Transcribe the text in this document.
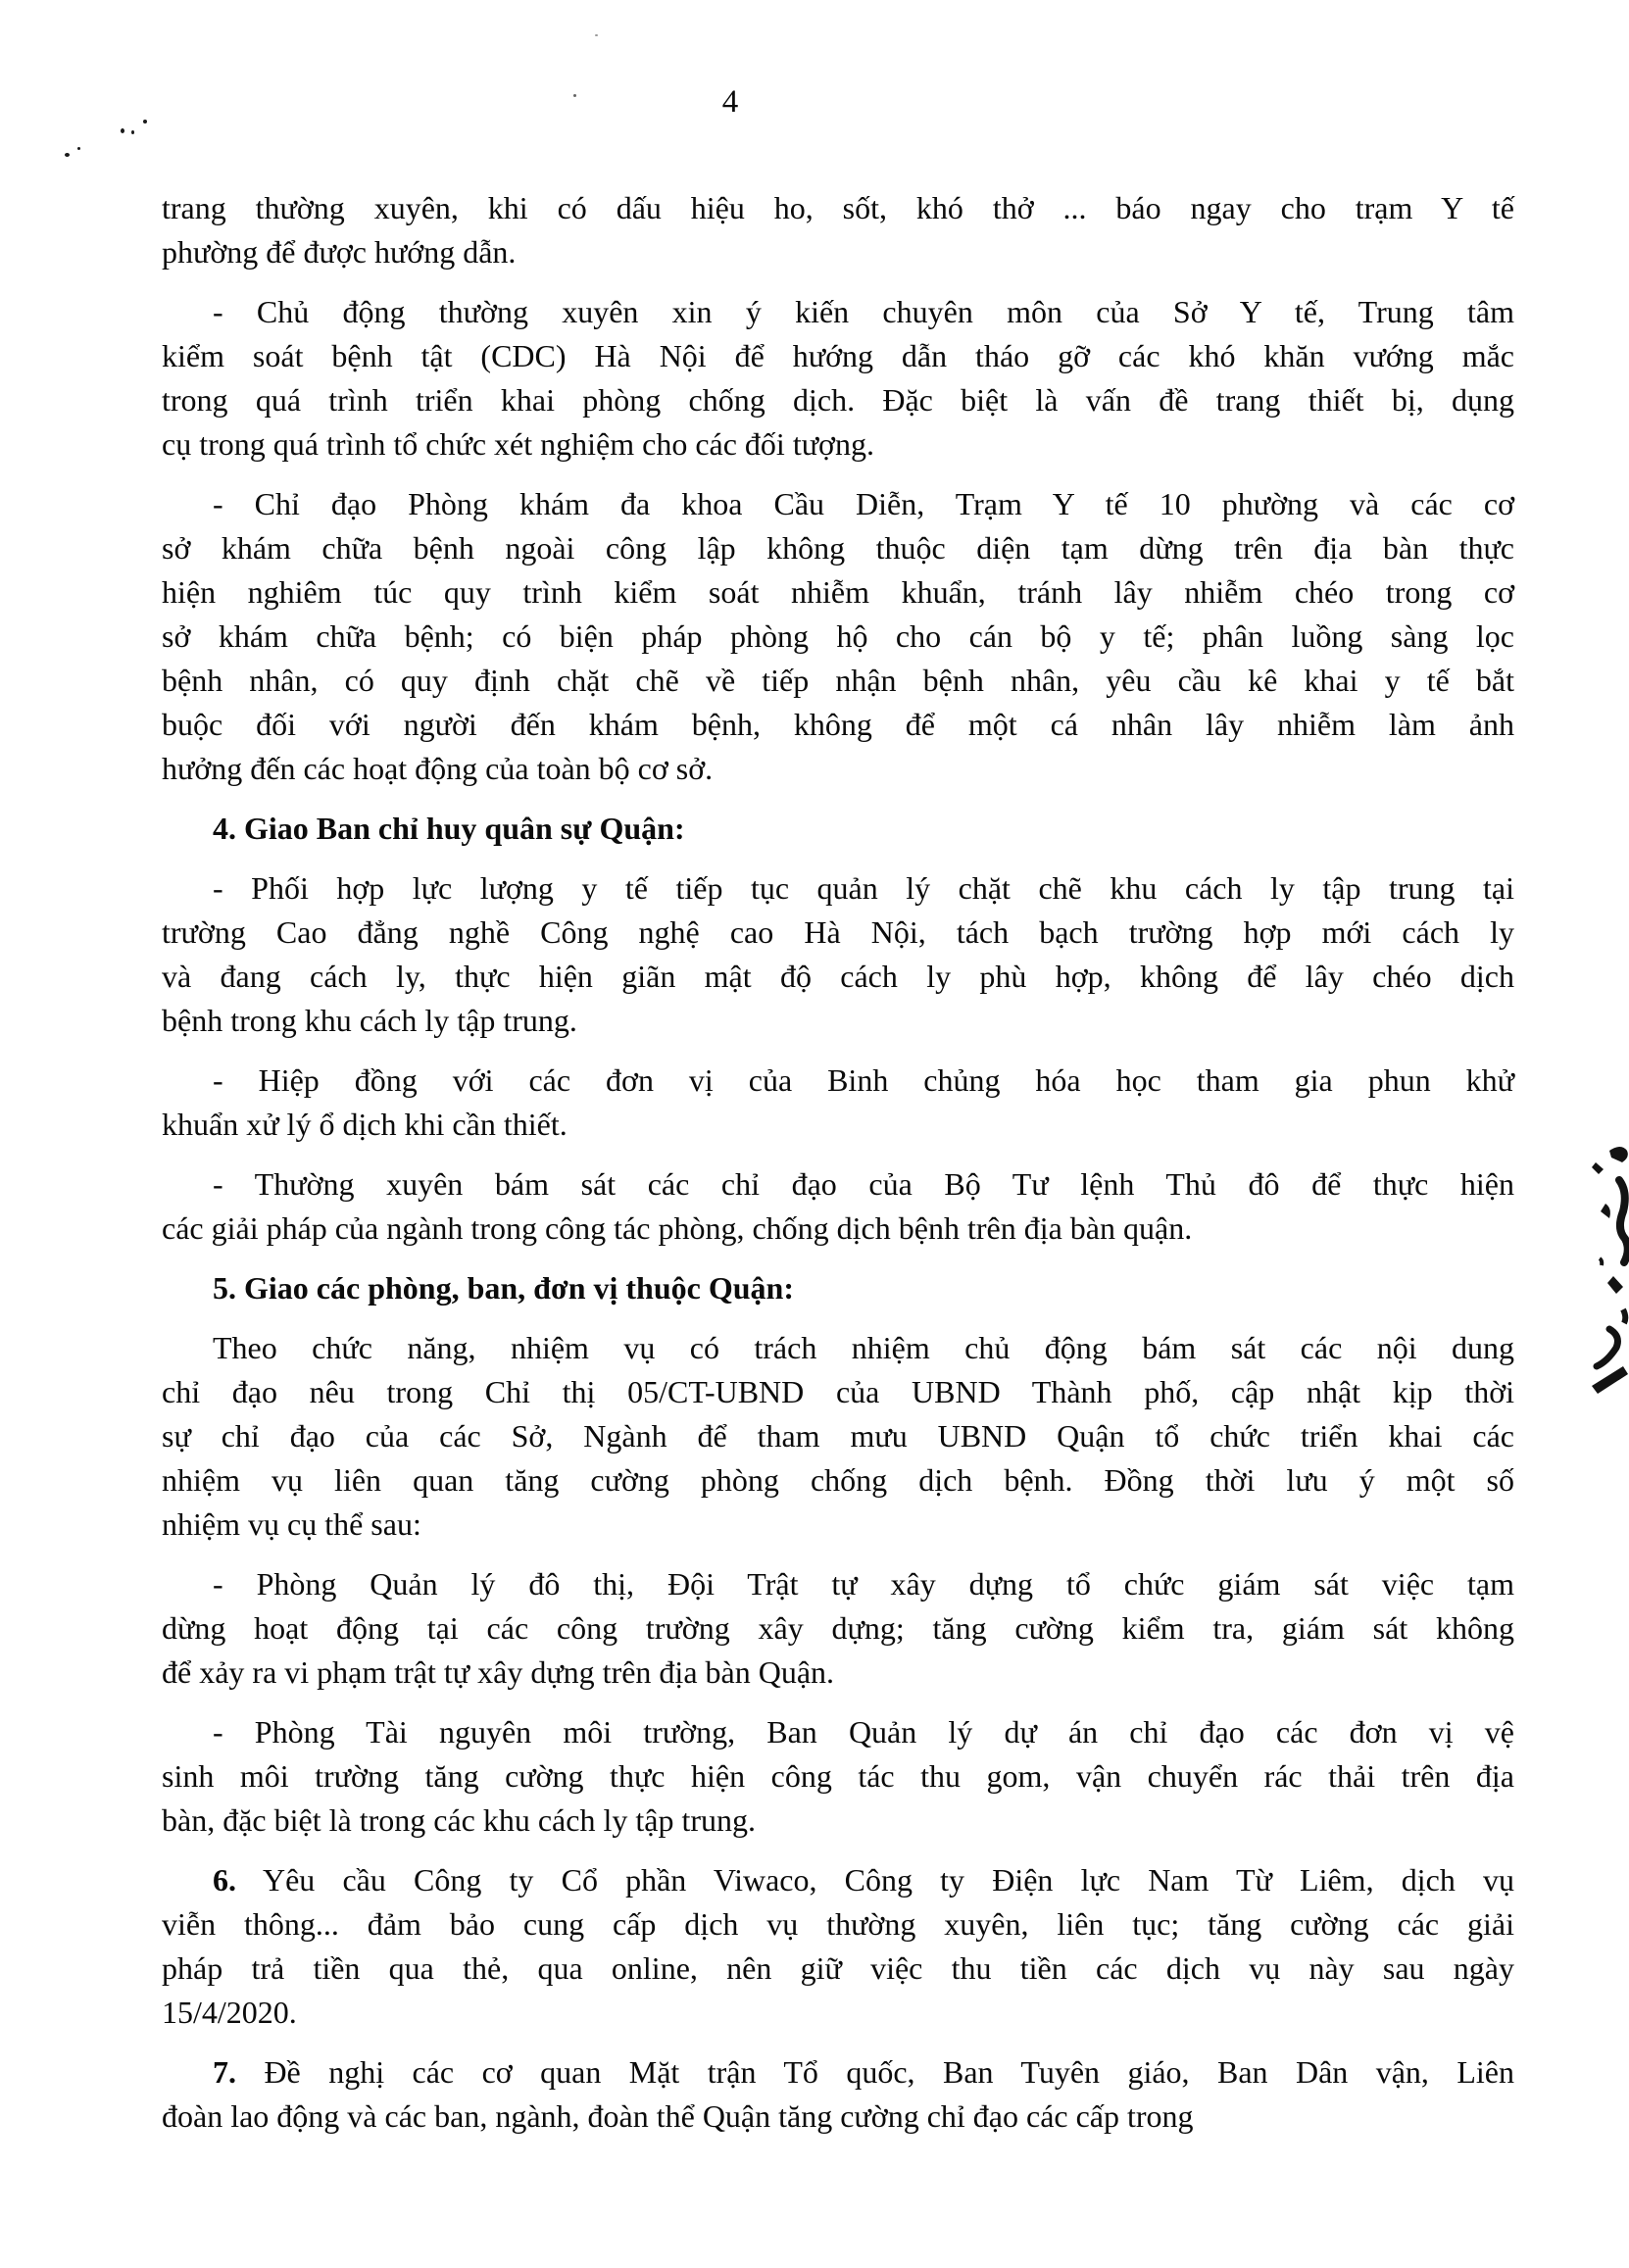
4
trang thường xuyên, khi có dấu hiệu ho, sốt, khó thở ... báo ngay cho trạm Y tế
phường để được hướng dẫn.
- Chủ động thường xuyên xin ý kiến chuyên môn của Sở Y tế, Trung tâm
kiểm soát bệnh tật (CDC) Hà Nội để hướng dẫn tháo gỡ các khó khăn vướng mắc
trong quá trình triển khai phòng chống dịch. Đặc biệt là vấn đề trang thiết bị, dụng
cụ trong quá trình tổ chức xét nghiệm cho các đối tượng.
- Chỉ đạo Phòng khám đa khoa Cầu Diễn, Trạm Y tế 10 phường và các cơ
sở khám chữa bệnh ngoài công lập không thuộc diện tạm dừng trên địa bàn thực
hiện nghiêm túc quy trình kiểm soát nhiễm khuẩn, tránh lây nhiễm chéo trong cơ
sở khám chữa bệnh; có biện pháp phòng hộ cho cán bộ y tế; phân luồng sàng lọc
bệnh nhân, có quy định chặt chẽ về tiếp nhận bệnh nhân, yêu cầu kê khai y tế bắt
buộc đối với người đến khám bệnh, không để một cá nhân lây nhiễm làm ảnh
hưởng đến các hoạt động của toàn bộ cơ sở.
4. Giao Ban chỉ huy quân sự Quận:
- Phối hợp lực lượng y tế tiếp tục quản lý chặt chẽ khu cách ly tập trung tại
trường Cao đẳng nghề Công nghệ cao Hà Nội, tách bạch trường hợp mới cách ly
và đang cách ly, thực hiện giãn mật độ cách ly phù hợp, không để lây chéo dịch
bệnh trong khu cách ly tập trung.
- Hiệp đồng với các đơn vị của Binh chủng hóa học tham gia phun khử
khuẩn xử lý ổ dịch khi cần thiết.
- Thường xuyên bám sát các chỉ đạo của Bộ Tư lệnh Thủ đô để thực hiện
các giải pháp của ngành trong công tác phòng, chống dịch bệnh trên địa bàn quận.
5. Giao các phòng, ban, đơn vị thuộc Quận:
Theo chức năng, nhiệm vụ có trách nhiệm chủ động bám sát các nội dung
chỉ đạo nêu trong Chỉ thị 05/CT-UBND của UBND Thành phố, cập nhật kịp thời
sự chỉ đạo của các Sở, Ngành để tham mưu UBND Quận tổ chức triển khai các
nhiệm vụ liên quan tăng cường phòng chống dịch bệnh. Đồng thời lưu ý một số
nhiệm vụ cụ thể sau:
- Phòng Quản lý đô thị, Đội Trật tự xây dựng tổ chức giám sát việc tạm
dừng hoạt động tại các công trường xây dựng; tăng cường kiểm tra, giám sát không
để xảy ra vi phạm trật tự xây dựng trên địa bàn Quận.
- Phòng Tài nguyên môi trường, Ban Quản lý dự án chỉ đạo các đơn vị vệ
sinh môi trường tăng cường thực hiện công tác thu gom, vận chuyển rác thải trên địa
bàn, đặc biệt là trong các khu cách ly tập trung.
6. Yêu cầu Công ty Cổ phần Viwaco, Công ty Điện lực Nam Từ Liêm, dịch vụ
viễn thông... đảm bảo cung cấp dịch vụ thường xuyên, liên tục; tăng cường các giải
pháp trả tiền qua thẻ, qua online, nên giữ việc thu tiền các dịch vụ này sau ngày
15/4/2020.
7. Đề nghị các cơ quan Mặt trận Tổ quốc, Ban Tuyên giáo, Ban Dân vận, Liên
đoàn lao động và các ban, ngành, đoàn thể Quận tăng cường chỉ đạo các cấp trong
